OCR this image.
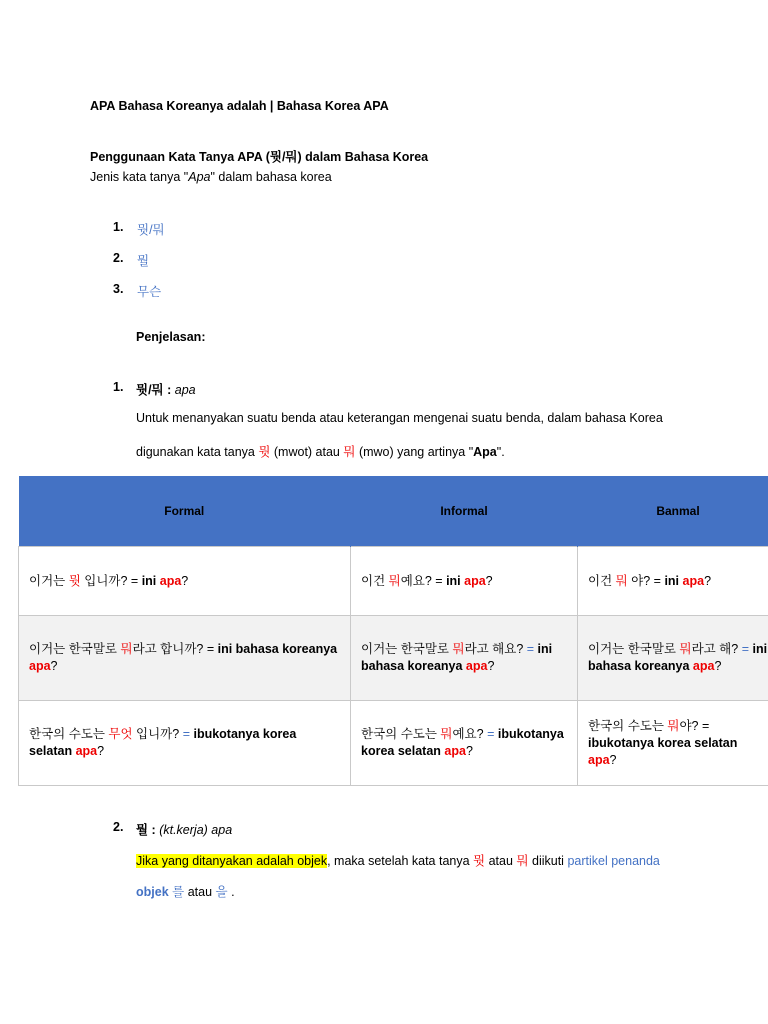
APA Bahasa Koreanya adalah | Bahasa Korea APA
Penggunaan Kata Tanya APA (뭣/뭐) dalam Bahasa Korea
Jenis kata tanya "Apa" dalam bahasa korea
1. 뭣/뭐
2. 뭘
3. 무슨
Penjelasan:
1. 뭣/뭐 : apa
Untuk menanyakan suatu benda atau keterangan mengenai suatu benda, dalam bahasa Korea
digunakan kata tanya 뭣 (mwot) atau 뭐 (mwo) yang artinya "Apa".
Formal	Informal	Banmal
이거는 뭣 입니까? = ini apa?	이건 뭐예요? = ini apa?	이건 뭐 야? = ini apa?
이거는 한국말로 뭐라고 합니까? = ini bahasa koreanya apa?	이거는 한국말로 뭐라고 해요? = ini bahasa koreanya apa?	이거는 한국말로 뭐라고 해? = ini bahasa koreanya apa?
한국의 수도는 무엇 입니까? = ibukotanya korea selatan apa?	한국의 수도는 뭐예요? = ibukotanya korea selatan apa?	한국의 수도는 뭐야? = ibukotanya korea selatan apa?
2. 뭘 : (kt.kerja) apa
Jika yang ditanyakan adalah objek, maka setelah kata tanya 뭣 atau 뭐 diikuti partikel penanda
objek 를 atau 을 .
